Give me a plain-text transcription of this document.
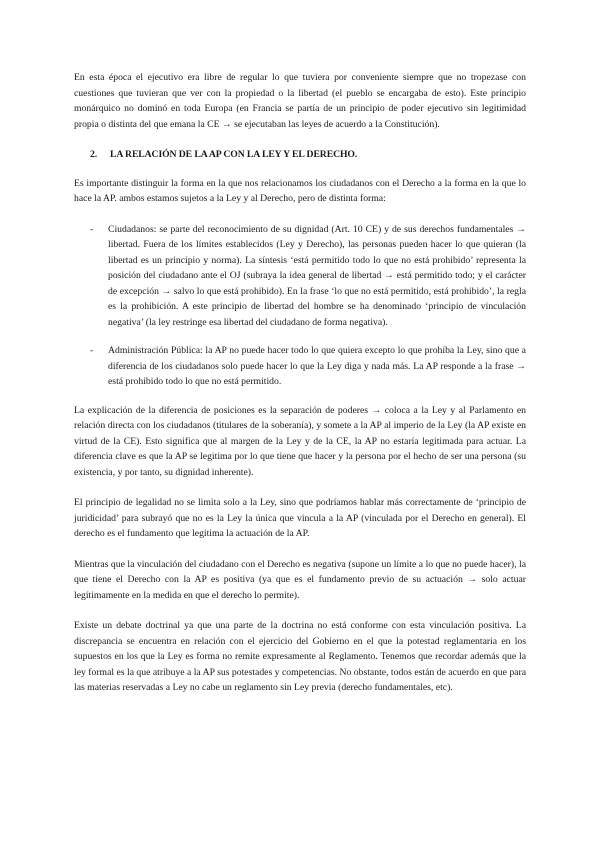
En esta época el ejecutivo era libre de regular lo que tuviera por conveniente siempre que no tropezase con cuestiones que tuvieran que ver con la propiedad o la libertad (el pueblo se encargaba de esto). Este principio monárquico no dominó en toda Europa (en Francia se partía de un principio de poder ejecutivo sin legitimidad propia o distinta del que emana la CE → se ejecutaban las leyes de acuerdo a la Constitución).

2. LA RELACIÓN DE LA AP CON LA LEY Y EL DERECHO.

Es importante distinguir la forma en la que nos relacionamos los ciudadanos con el Derecho a la forma en la que lo hace la AP. ambos estamos sujetos a la Ley y al Derecho, pero de distinta forma:

- Ciudadanos: se parte del reconocimiento de su dignidad (Art. 10 CE) y de sus derechos fundamentales → libertad. Fuera de los límites establecidos (Ley y Derecho), las personas pueden hacer lo que quieran (la libertad es un principio y norma). La síntesis ‘está permitido todo lo que no está prohibido’ representa la posición del ciudadano ante el OJ (subraya la idea general de libertad → está permitido todo; y el carácter de excepción → salvo lo que está prohibido). En la frase ‘lo que no está permitido, está prohibido’, la regla es la prohibición. A este principio de libertad del hombre se ha denominado ‘principio de vinculación negativa’ (la ley restringe esa libertad del ciudadano de forma negativa).
- Administración Pública: la AP no puede hacer todo lo que quiera excepto lo que prohíba la Ley, sino que a diferencia de los ciudadanos solo puede hacer lo que la Ley diga y nada más. La AP responde a la frase → está prohibido todo lo que no está permitido.

La explicación de la diferencia de posiciones es la separación de poderes → coloca a la Ley y al Parlamento en relación directa con los ciudadanos (titulares de la soberanía), y somete a la AP al imperio de la Ley (la AP existe en virtud de la CE). Esto significa que al margen de la Ley y de la CE, la AP no estaría legitimada para actuar. La diferencia clave es que la AP se legitima por lo que tiene que hacer y la persona por el hecho de ser una persona (su existencia, y por tanto, su dignidad inherente).

El principio de legalidad no se limita solo a la Ley, sino que podríamos hablar más correctamente de ‘principio de juridicidad’ para subrayó que no es la Ley la única que vincula a la AP (vinculada por el Derecho en general). El derecho es el fundamento que legitima la actuación de la AP.

Mientras que la vinculación del ciudadano con el Derecho es negativa (supone un límite a lo que no puede hacer), la que tiene el Derecho con la AP es positiva (ya que es el fundamento previo de su actuación → solo actuar legítimamente en la medida en que el derecho lo permite).

Existe un debate doctrinal ya que una parte de la doctrina no está conforme con esta vinculación positiva. La discrepancia se encuentra en relación con el ejercicio del Gobierno en el que la potestad reglamentaria en los supuestos en los que la Ley es forma no remite expresamente al Reglamento. Tenemos que recordar además que la ley formal es la que atribuye a la AP sus potestades y competencias. No obstante, todos están de acuerdo en que para las materias reservadas a Ley no cabe un reglamento sin Ley previa (derecho fundamentales, etc).
